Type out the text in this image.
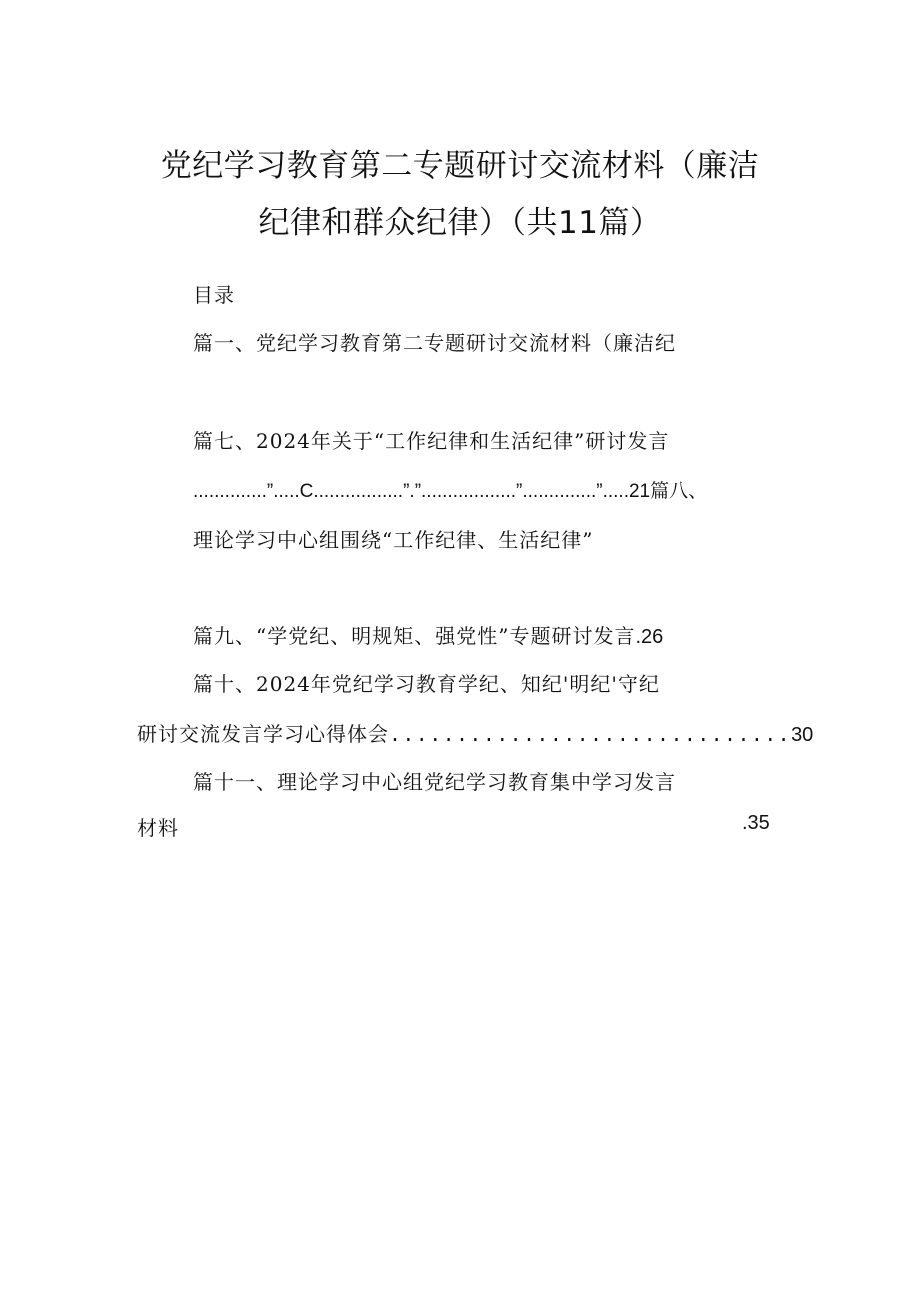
党纪学习教育第二专题研讨交流材料（廉洁
纪律和群众纪律）（共11篇）
目录
篇一、党纪学习教育第二专题研讨交流材料（廉洁纪
篇七、2024年关于“工作纪律和生活纪律”研讨发言
..............”.....C.................”.”..................”..............”.....21篇八、
理论学习中心组围绕“工作纪律、生活纪律”
篇九、“学党纪、明规矩、强党性”专题研讨发言.26
篇十、2024年党纪学习教育学纪、知纪'明纪'守纪
研讨交流发言学习心得体会..............................30
篇十一、理论学习中心组党纪学习教育集中学习发言
材料	.35
